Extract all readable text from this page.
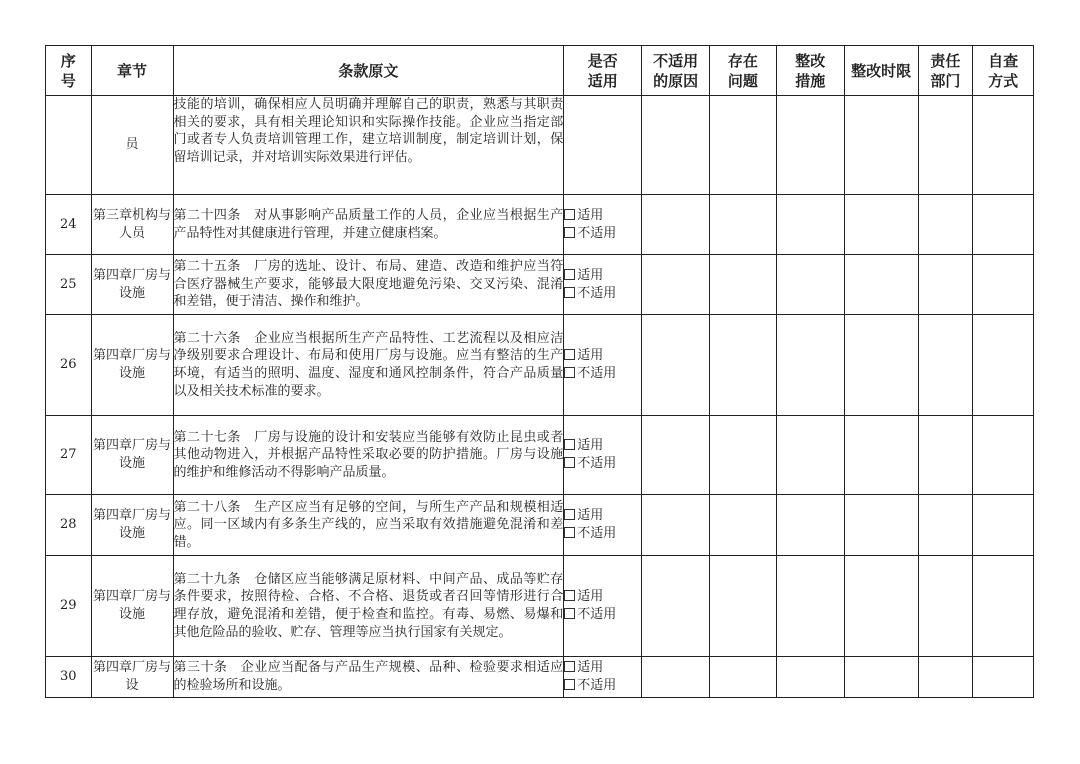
序号	章节	条款原文	是否适用	不适用的原因	存在问题	整改措施	整改时限	责任部门	自查方式
	员	技能的培训，确保相应人员明确并理解自己的职责，熟悉与其职责相关的要求，具有相关理论知识和实际操作技能。企业应当指定部门或者专人负责培训管理工作，建立培训制度，制定培训计划，保留培训记录，并对培训实际效果进行评估。							
24	第三章机构与人员	第二十四条　对从事影响产品质量工作的人员，企业应当根据生产产品特性对其健康进行管理，并建立健康档案。	适用
不适用						

25	第四章厂房与设施	第二十五条　厂房的选址、设计、布局、建造、改造和维护应当符合医疗器械生产要求，能够最大限度地避免污染、交叉污染、混淆和差错，便于清洁、操作和维护。	适用
不适用						

26	第四章厂房与设施	第二十六条　企业应当根据所生产产品特性、工艺流程以及相应洁净级别要求合理设计、布局和使用厂房与设施。应当有整洁的生产环境，有适当的照明、温度、湿度和通风控制条件，符合产品质量以及相关技术标准的要求。	适用
不适用						

27	第四章厂房与设施	第二十七条　厂房与设施的设计和安装应当能够有效防止昆虫或者其他动物进入，并根据产品特性采取必要的防护措施。厂房与设施的维护和维修活动不得影响产品质量。	适用
不适用						

28	第四章厂房与设施	第二十八条　生产区应当有足够的空间，与所生产产品和规模相适应。同一区域内有多条生产线的，应当采取有效措施避免混淆和差错。	适用
不适用						

29	第四章厂房与设施	第二十九条　仓储区应当能够满足原材料、中间产品、成品等贮存条件要求，按照待检、合格、不合格、退货或者召回等情形进行合理存放，避免混淆和差错，便于检查和监控。有毒、易燃、易爆和其他危险品的验收、贮存、管理等应当执行国家有关规定。	适用
不适用						

30	第四章厂房与设	第三十条　企业应当配备与产品生产规模、品种、检验要求相适应的检验场所和设施。	适用
不适用						
